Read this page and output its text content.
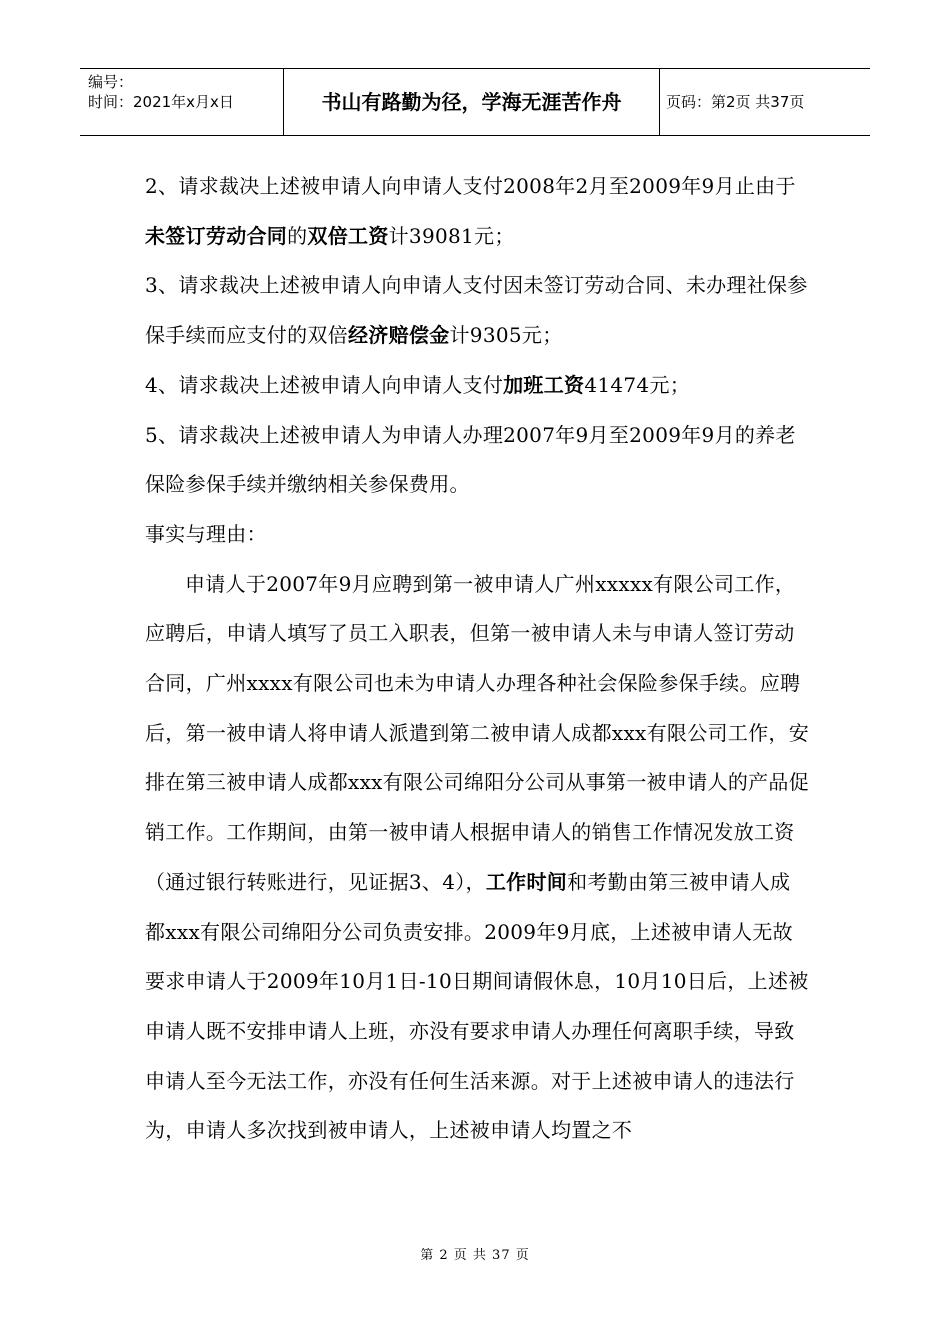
编号：
时间：2021年x月x日	书山有路勤为径，学海无涯苦作舟	页码：第2页 共37页

2、请求裁决上述被申请人向申请人支付2008年2月至2009年9月止由于未签订劳动合同的双倍工资计39081元；

3、请求裁决上述被申请人向申请人支付因未签订劳动合同、未办理社保参保手续而应支付的双倍经济赔偿金计9305元；

4、请求裁决上述被申请人向申请人支付加班工资41474元；

5、请求裁决上述被申请人为申请人办理2007年9月至2009年9月的养老保险参保手续并缴纳相关参保费用。

事实与理由：

申请人于2007年9月应聘到第一被申请人广州xxxxx有限公司工作，应聘后，申请人填写了员工入职表，但第一被申请人未与申请人签订劳动合同，广州xxxx有限公司也未为申请人办理各种社会保险参保手续。应聘后，第一被申请人将申请人派遣到第二被申请人成都xxx有限公司工作，安排在第三被申请人成都xxx有限公司绵阳分公司从事第一被申请人的产品促销工作。工作期间，由第一被申请人根据申请人的销售工作情况发放工资（通过银行转账进行，见证据3、4），工作时间和考勤由第三被申请人成都xxx有限公司绵阳分公司负责安排。2009年9月底，上述被申请人无故要求申请人于2009年10月1日-10日期间请假休息，10月10日后，上述被申请人既不安排申请人上班，亦没有要求申请人办理任何离职手续，导致申请人至今无法工作，亦没有任何生活来源。对于上述被申请人的违法行为，申请人多次找到被申请人，上述被申请人均置之不

第 2 页 共 37 页
